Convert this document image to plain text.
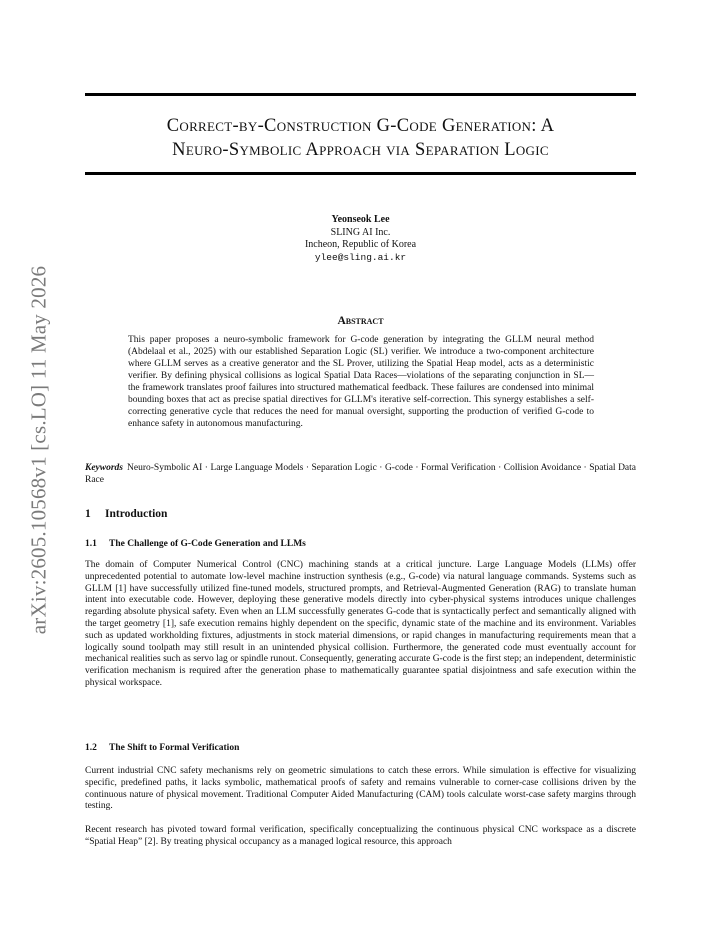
arXiv:2605.10568v1 [cs.LO] 11 May 2026
Correct-by-Construction G-Code Generation: A
Neuro-Symbolic Approach via Separation Logic
Yeonseok Lee
SLING AI Inc.
Incheon, Republic of Korea
ylee@sling.ai.kr
Abstract
This paper proposes a neuro-symbolic framework for G-code generation by integrating the GLLM neural method (Abdelaal et al., 2025) with our established Separation Logic (SL) verifier. We introduce a two-component architecture where GLLM serves as a creative generator and the SL Prover, utilizing the Spatial Heap model, acts as a deterministic verifier. By defining physical collisions as logical Spatial Data Races—violations of the separating conjunction in SL—the framework translates proof failures into structured mathematical feedback. These failures are condensed into minimal bounding boxes that act as precise spatial directives for GLLM's iterative self-correction. This synergy establishes a self-correcting generative cycle that reduces the need for manual oversight, supporting the production of verified G-code to enhance safety in autonomous manufacturing.
Keywords Neuro-Symbolic AI · Large Language Models · Separation Logic · G-code · Formal Verification · Collision Avoidance · Spatial Data Race
1 Introduction
1.1 The Challenge of G-Code Generation and LLMs
The domain of Computer Numerical Control (CNC) machining stands at a critical juncture. Large Language Models (LLMs) offer unprecedented potential to automate low-level machine instruction synthesis (e.g., G-code) via natural language commands. Systems such as GLLM [1] have successfully utilized fine-tuned models, structured prompts, and Retrieval-Augmented Generation (RAG) to translate human intent into executable code. However, deploying these generative models directly into cyber-physical systems introduces unique challenges regarding absolute physical safety. Even when an LLM successfully generates G-code that is syntactically perfect and semantically aligned with the target geometry [1], safe execution remains highly dependent on the specific, dynamic state of the machine and its environment. Variables such as updated workholding fixtures, adjustments in stock material dimensions, or rapid changes in manufacturing requirements mean that a logically sound toolpath may still result in an unintended physical collision. Furthermore, the generated code must eventually account for mechanical realities such as servo lag or spindle runout. Consequently, generating accurate G-code is the first step; an independent, deterministic verification mechanism is required after the generation phase to mathematically guarantee spatial disjointness and safe execution within the physical workspace.
1.2 The Shift to Formal Verification
Current industrial CNC safety mechanisms rely on geometric simulations to catch these errors. While simulation is effective for visualizing specific, predefined paths, it lacks symbolic, mathematical proofs of safety and remains vulnerable to corner-case collisions driven by the continuous nature of physical movement. Traditional Computer Aided Manufacturing (CAM) tools calculate worst-case safety margins through testing.
Recent research has pivoted toward formal verification, specifically conceptualizing the continuous physical CNC workspace as a discrete “Spatial Heap” [2]. By treating physical occupancy as a managed logical resource, this approach
